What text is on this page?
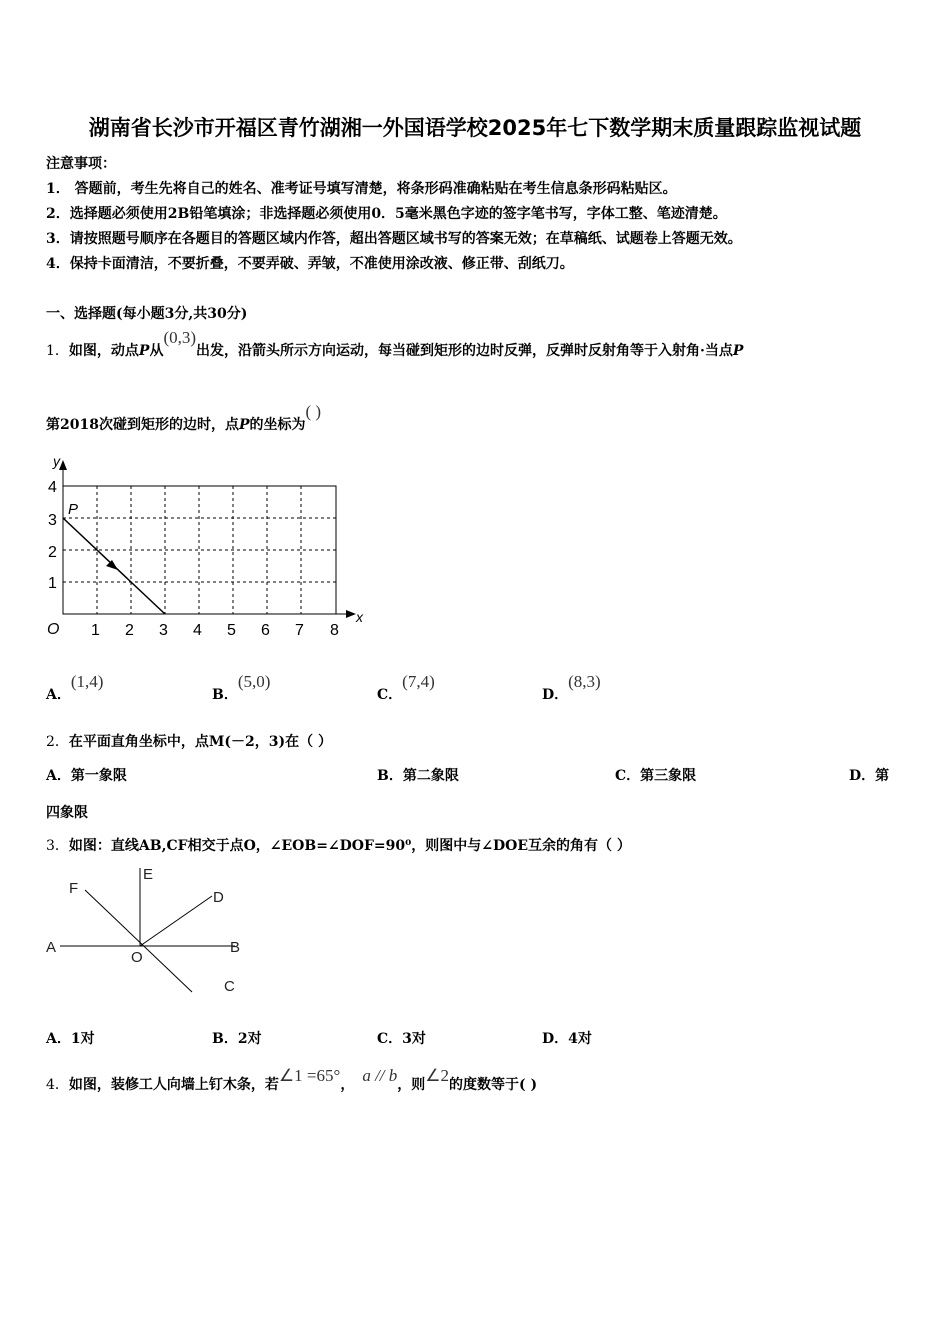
湖南省长沙市开福区青竹湖湘一外国语学校2025年七下数学期末质量跟踪监视试题
注意事项：
1． 答题前，考生先将自己的姓名、准考证号填写清楚，将条形码准确粘贴在考生信息条形码粘贴区。
2．选择题必须使用2B铅笔填涂；非选择题必须使用0．5毫米黑色字迹的签字笔书写，字体工整、笔迹清楚。
3．请按照题号顺序在各题目的答题区域内作答，超出答题区域书写的答案无效；在草稿纸、试题卷上答题无效。
4．保持卡面清洁，不要折叠，不要弄破、弄皱，不准使用涂改液、修正带、刮纸刀。
一、选择题(每小题3分,共30分)
1．如图，动点P从(0,3)出发，沿箭头所示方向运动，每当碰到矩形的边时反弹，反弹时反射角等于入射角·当点P
第2018次碰到矩形的边时，点P的坐标为( )
1 2 3 4 5 6 7 8
1
2
3
4
O
x
y
P
A．(1,4)
B．(5,0)
C．(7,4)
D．(8,3)
2．在平面直角坐标中，点M(－2，3)在（ ）
A．第一象限	B．第二象限	C．第三象限	D．第
四象限
3．如图：直线AB,CF相交于点O，∠EOB=∠DOF=90⁰，则图中与∠DOE互余的角有（ ）
A	B
C
D
E
F
O
A．1对	B．2对	C．3对	D．4对
4．如图，装修工人向墙上钉木条，若∠1 =65°， a // b，则∠2的度数等于( )
